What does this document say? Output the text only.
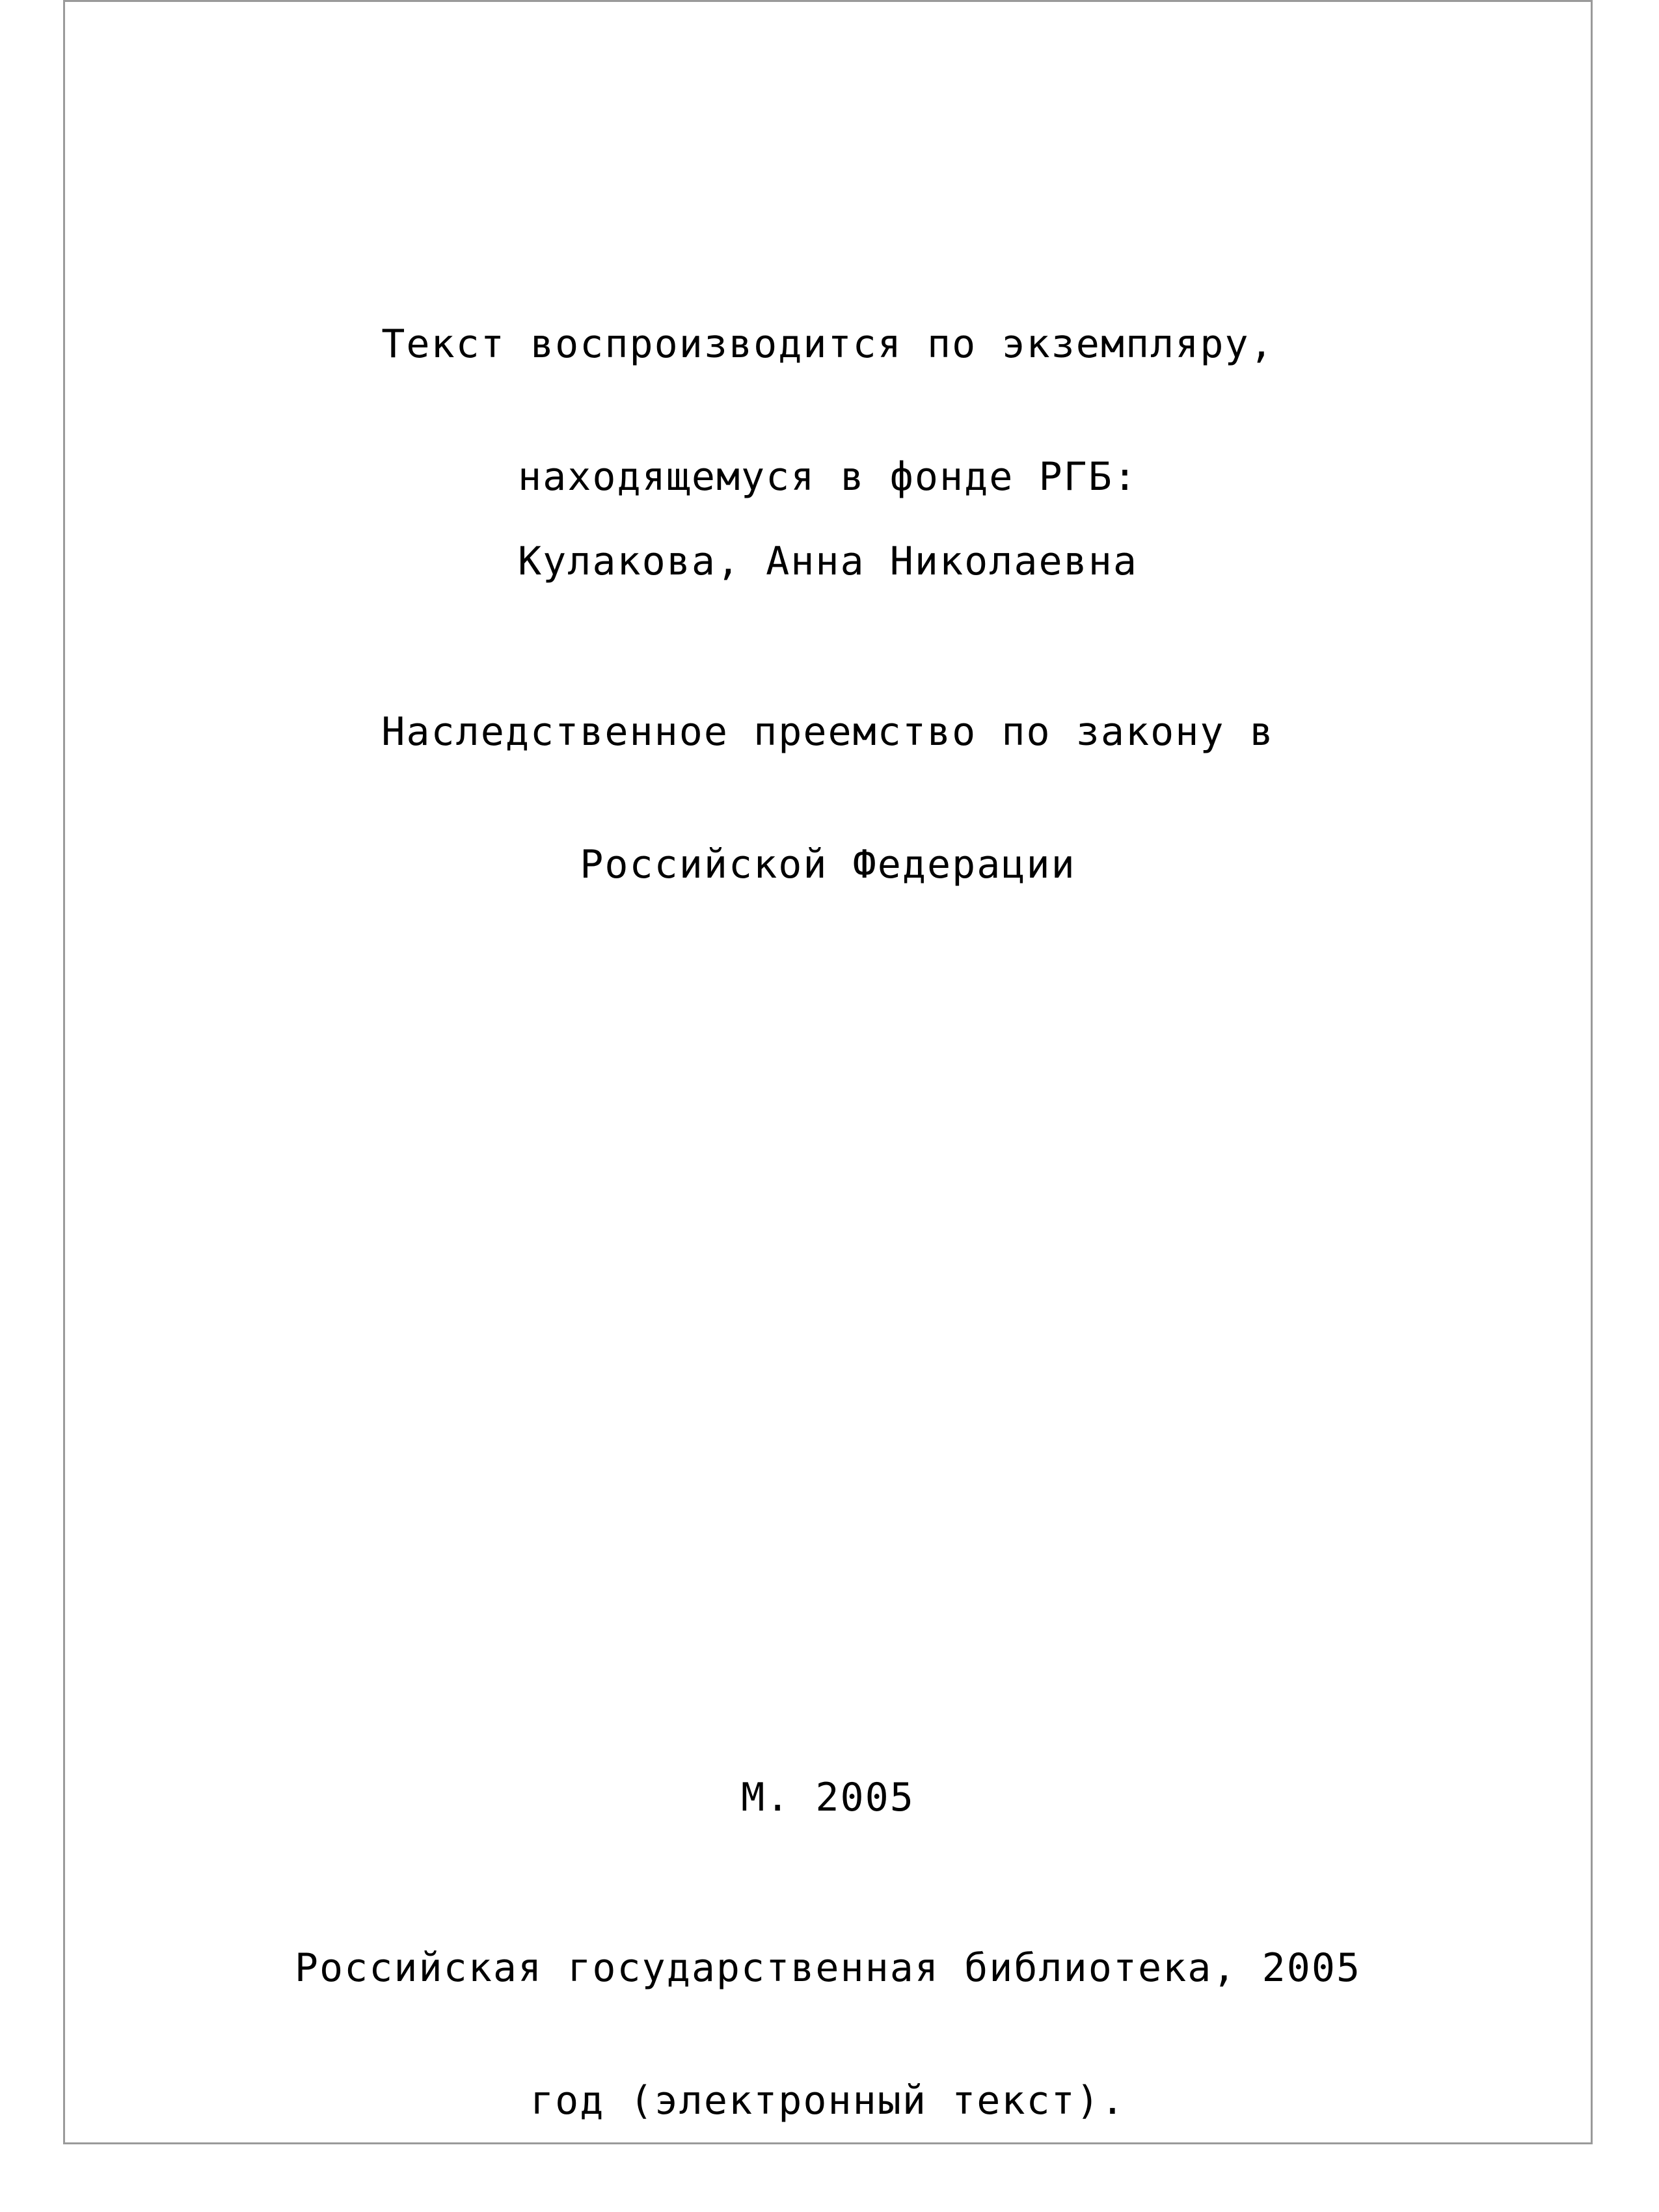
Текст воспроизводится по экземпляру,

находящемуся в фонде РГБ:

Кулакова, Анна Николаевна

Наследственное преемство по закону в

Российской Федерации

М. 2005

Российская государственная библиотека, 2005

год (электронный текст).
